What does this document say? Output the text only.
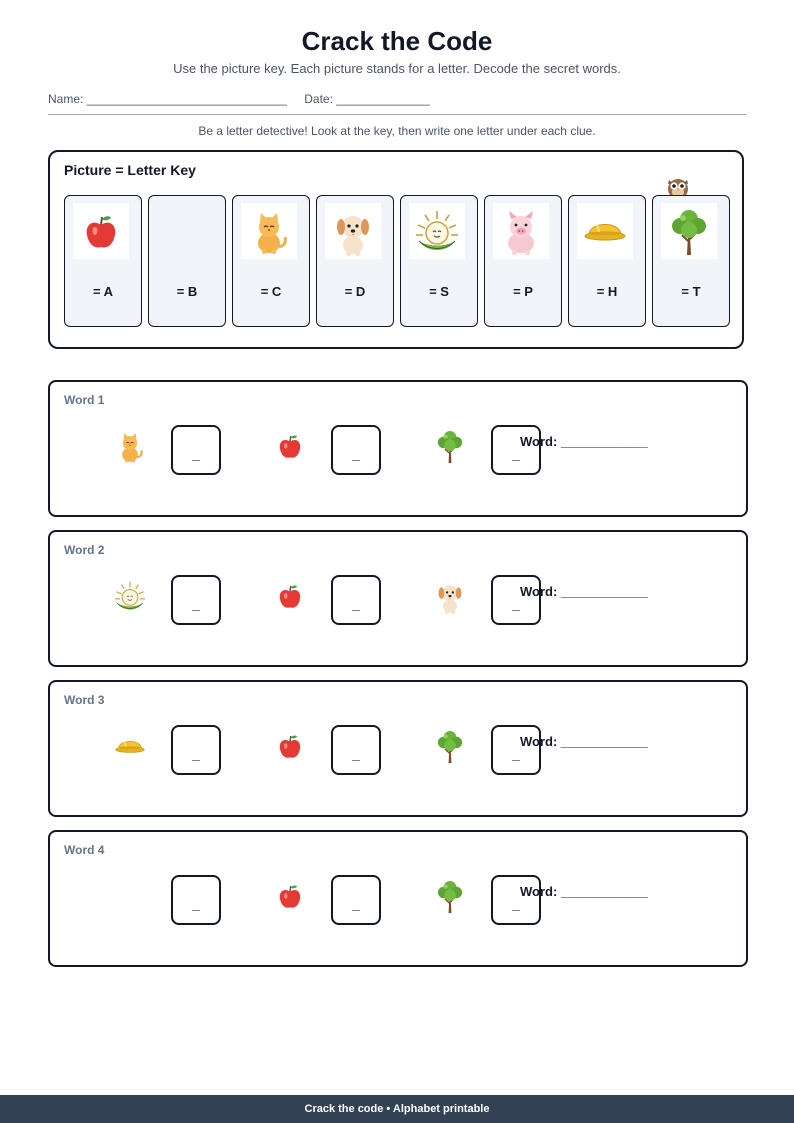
Crack the Code
Use the picture key. Each picture stands for a letter. Decode the secret words.
Name: ______________________________ Date: ______________
Be a letter detective! Look at the key, then write one letter under each clue.
Picture = Letter Key
= A	= B	= C	= D	= S	= P	= H	= T
Word 1
_	_	_
Word: ____________
Word 2
_	_	_
Word: ____________
Word 3
_	_	_
Word: ____________
Word 4
_	_	_
Word: ____________
Crack the code • Alphabet printable
